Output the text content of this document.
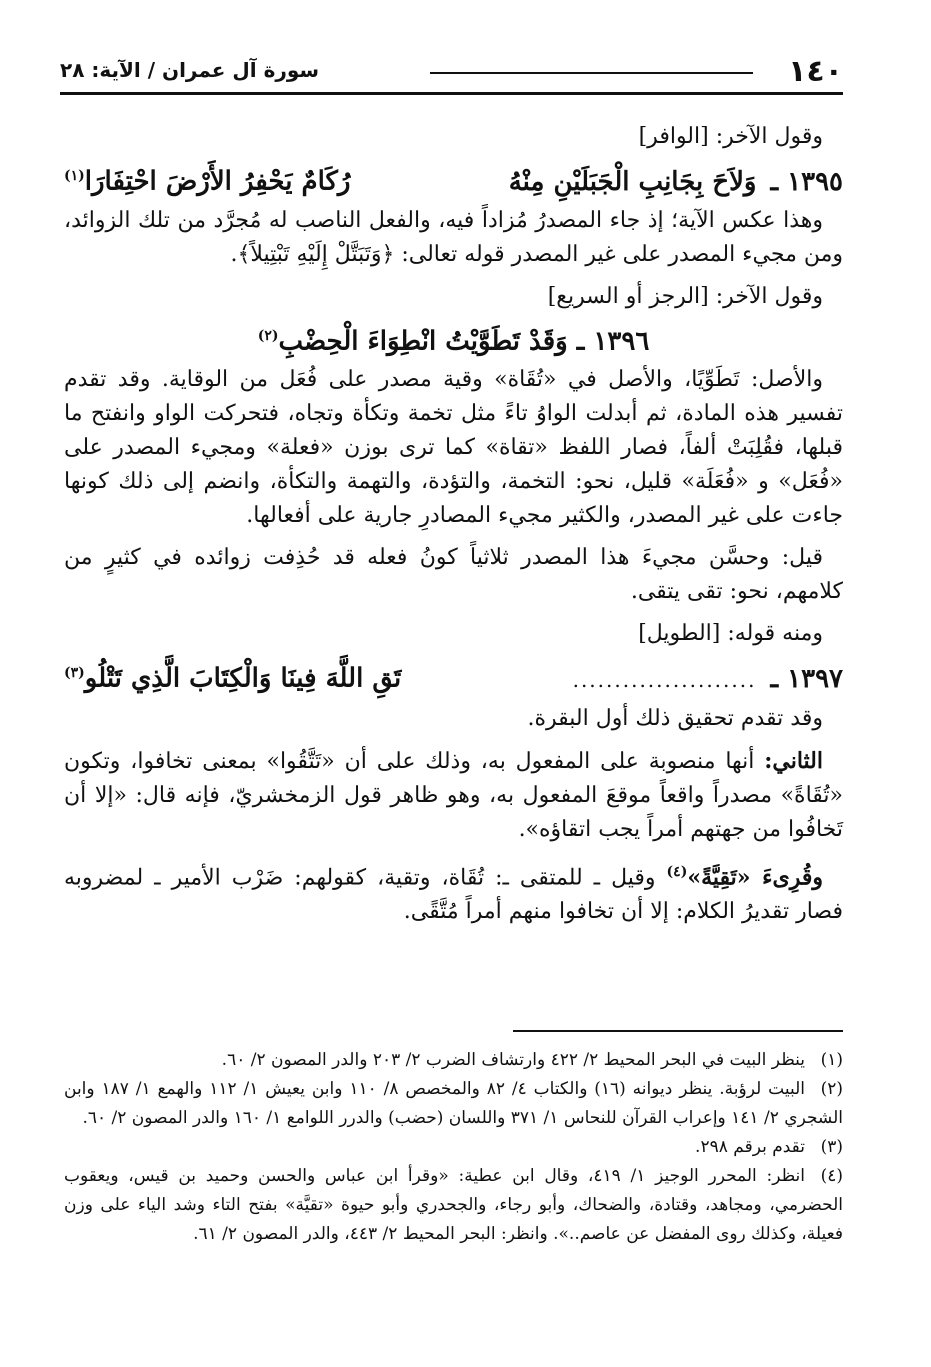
١٤٠
سورة آل عمران / الآية: ٢٨

وقول الآخر: [الوافر]

١٣٩٥ ـ
وَلاَحَ بِجَانِبِ الْجَبَلَيْنِ مِنْهُ
رُكَامٌ يَحْفِرُ الأَرْضَ احْتِفَارَا$^{(١)}$

وهذا عكس الآية؛ إذ جاء المصدرُ مُزاداً فيه، والفعل الناصب له مُجرَّد من تلك الزوائد، ومن مجيء المصدر على غير المصدر قوله تعالى: ﴿وَتَبَتَّلْ إِلَيْهِ تَبْتِيلاً﴾.

وقول الآخر: [الرجز أو السريع]

١٣٩٦ ـ وَقَدْ تَطَوَّيْتُ انْطِوَاءَ الْحِضْبِ$^{(٢)}$

والأصل: تَطَوِّيًا، والأصل في «تُقَاة» وقية مصدر على فُعَل من الوقاية. وقد تقدم تفسير هذه المادة، ثم أبدلت الواوُ تاءً مثل تخمة وتكأة وتجاه، فتحركت الواو وانفتح ما قبلها، فقُلِبَتْ ألفاً، فصار اللفظ «تقاة» كما ترى بوزن «فعلة» ومجيء المصدر على «فُعَل» و «فُعَلَة» قليل، نحو: التخمة، والتؤدة، والتهمة والتكأة، وانضم إلى ذلك كونها جاءت على غير المصدر، والكثير مجيء المصادرِ جارية على أفعالها.

قيل: وحسَّن مجيءَ هذا المصدر ثلاثياً كونُ فعله قد حُذِفت زوائده في كثيرٍ من كلامهم، نحو: تقى يتقى.

ومنه قوله: [الطويل]

١٣٩٧ ـ
......................
تَقِ اللَّهَ فِينَا وَالْكِتَابَ الَّذِي تَتْلُو$^{(٣)}$

وقد تقدم تحقيق ذلك أول البقرة.

الثاني: أنها منصوبة على المفعول به، وذلك على أن «تَتَّقُوا» بمعنى تخافوا، وتكون «تُقَاةً» مصدراً واقعاً موقعَ المفعول به، وهو ظاهر قول الزمخشريّ، فإنه قال: «إلا أن تَخافُوا من جهتهم أمراً يجب اتقاؤه».

وقُرِىءَ «تَقِيَّةً»$^{(٤)}$ وقيل ـ للمتقى ـ: تُقَاة، وتقية، كقولهم: ضَرْب الأمير ـ لمضروبه فصار تقديرُ الكلام: إلا أن تخافوا منهم أمراً مُتَّقًى.

(١)ينظر البيت في البحر المحيط ٢/ ٤٢٢ وارتشاف الضرب ٢/ ٢٠٣ والدر المصون ٢/ ٦٠.

(٢)البيت لرؤبة. ينظر ديوانه (١٦) والكتاب ٤/ ٨٢ والمخصص ٨/ ١١٠ وابن يعيش ١/ ١١٢ والهمع ١/ ١٨٧ وابن الشجري ٢/ ١٤١ وإعراب القرآن للنحاس ١/ ٣٧١ واللسان (حضب) والدرر اللوامع ١/ ١٦٠ والدر المصون ٢/ ٦٠.

(٣)تقدم برقم ٢٩٨.

(٤)انظر: المحرر الوجيز ١/ ٤١٩، وقال ابن عطية: «وقرأ ابن عباس والحسن وحميد بن قيس، ويعقوب الحضرمي، ومجاهد، وقتادة، والضحاك، وأبو رجاء، والجحدري وأبو حيوة «تقيَّة» بفتح التاء وشد الياء على وزن فعيلة، وكذلك روى المفضل عن عاصم..». وانظر: البحر المحيط ٢/ ٤٤٣، والدر المصون ٢/ ٦١.
